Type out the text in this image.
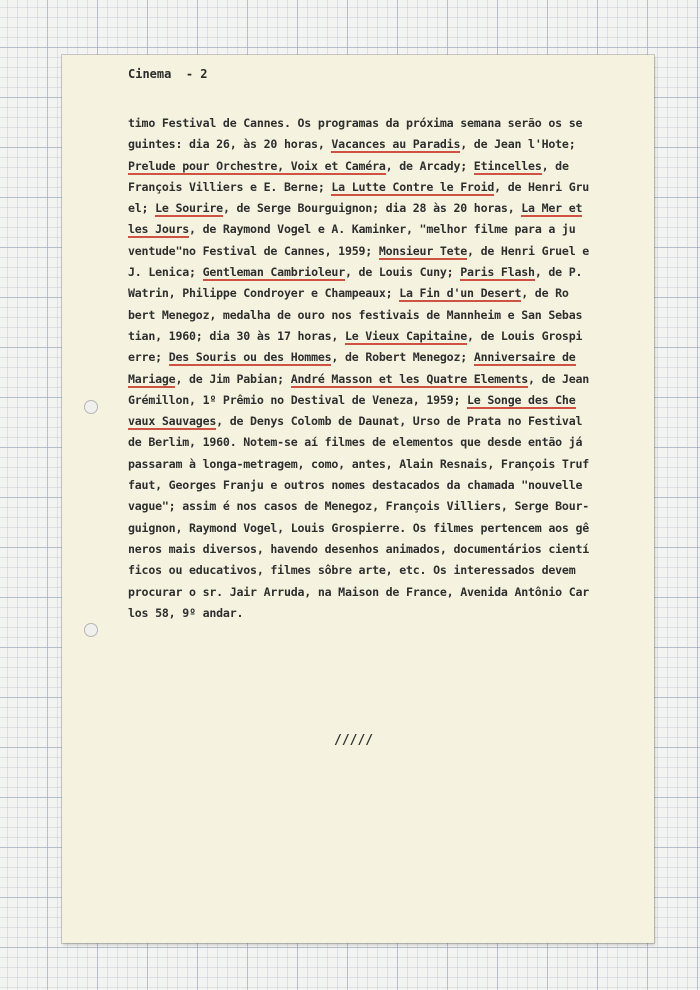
Cinema - 2
timo Festival de Cannes. Os programas da próxima semana serão os se
guintes: dia 26, às 20 horas, Vacances au Paradis, de Jean l'Hote;
Prelude pour Orchestre, Voix et Caméra, de Arcady; Etincelles, de
François Villiers e E. Berne; La Lutte Contre le Froid, de Henri Gru
el; Le Sourire, de Serge Bourguignon; dia 28 às 20 horas, La Mer et
les Jours, de Raymond Vogel e A. Kaminker, "melhor filme para a ju
ventude"no Festival de Cannes, 1959; Monsieur Tete, de Henri Gruel e
J. Lenica; Gentleman Cambrioleur, de Louis Cuny; Paris Flash, de P.
Watrin, Philippe Condroyer e Champeaux; La Fin d'un Desert, de Ro
bert Menegoz, medalha de ouro nos festivais de Mannheim e San Sebas
tian, 1960; dia 30 às 17 horas, Le Vieux Capitaine, de Louis Grospi
erre; Des Souris ou des Hommes, de Robert Menegoz; Anniversaire de
Mariage, de Jim Pabian; André Masson et les Quatre Elements, de Jean
Grémillon, 1º Prêmio no Destival de Veneza, 1959; Le Songe des Che
vaux Sauvages, de Denys Colomb de Daunat, Urso de Prata no Festival
de Berlim, 1960. Notem-se aí filmes de elementos que desde então já
passaram à longa-metragem, como, antes, Alain Resnais, François Truf
faut, Georges Franju e outros nomes destacados da chamada "nouvelle
vague"; assim é nos casos de Menegoz, François Villiers, Serge Bour-
guignon, Raymond Vogel, Louis Grospierre. Os filmes pertencem aos gê
neros mais diversos, havendo desenhos animados, documentários cientí
ficos ou educativos, filmes sôbre arte, etc. Os interessados devem
procurar o sr. Jair Arruda, na Maison de France, Avenida Antônio Car
los 58, 9º andar.
/////
